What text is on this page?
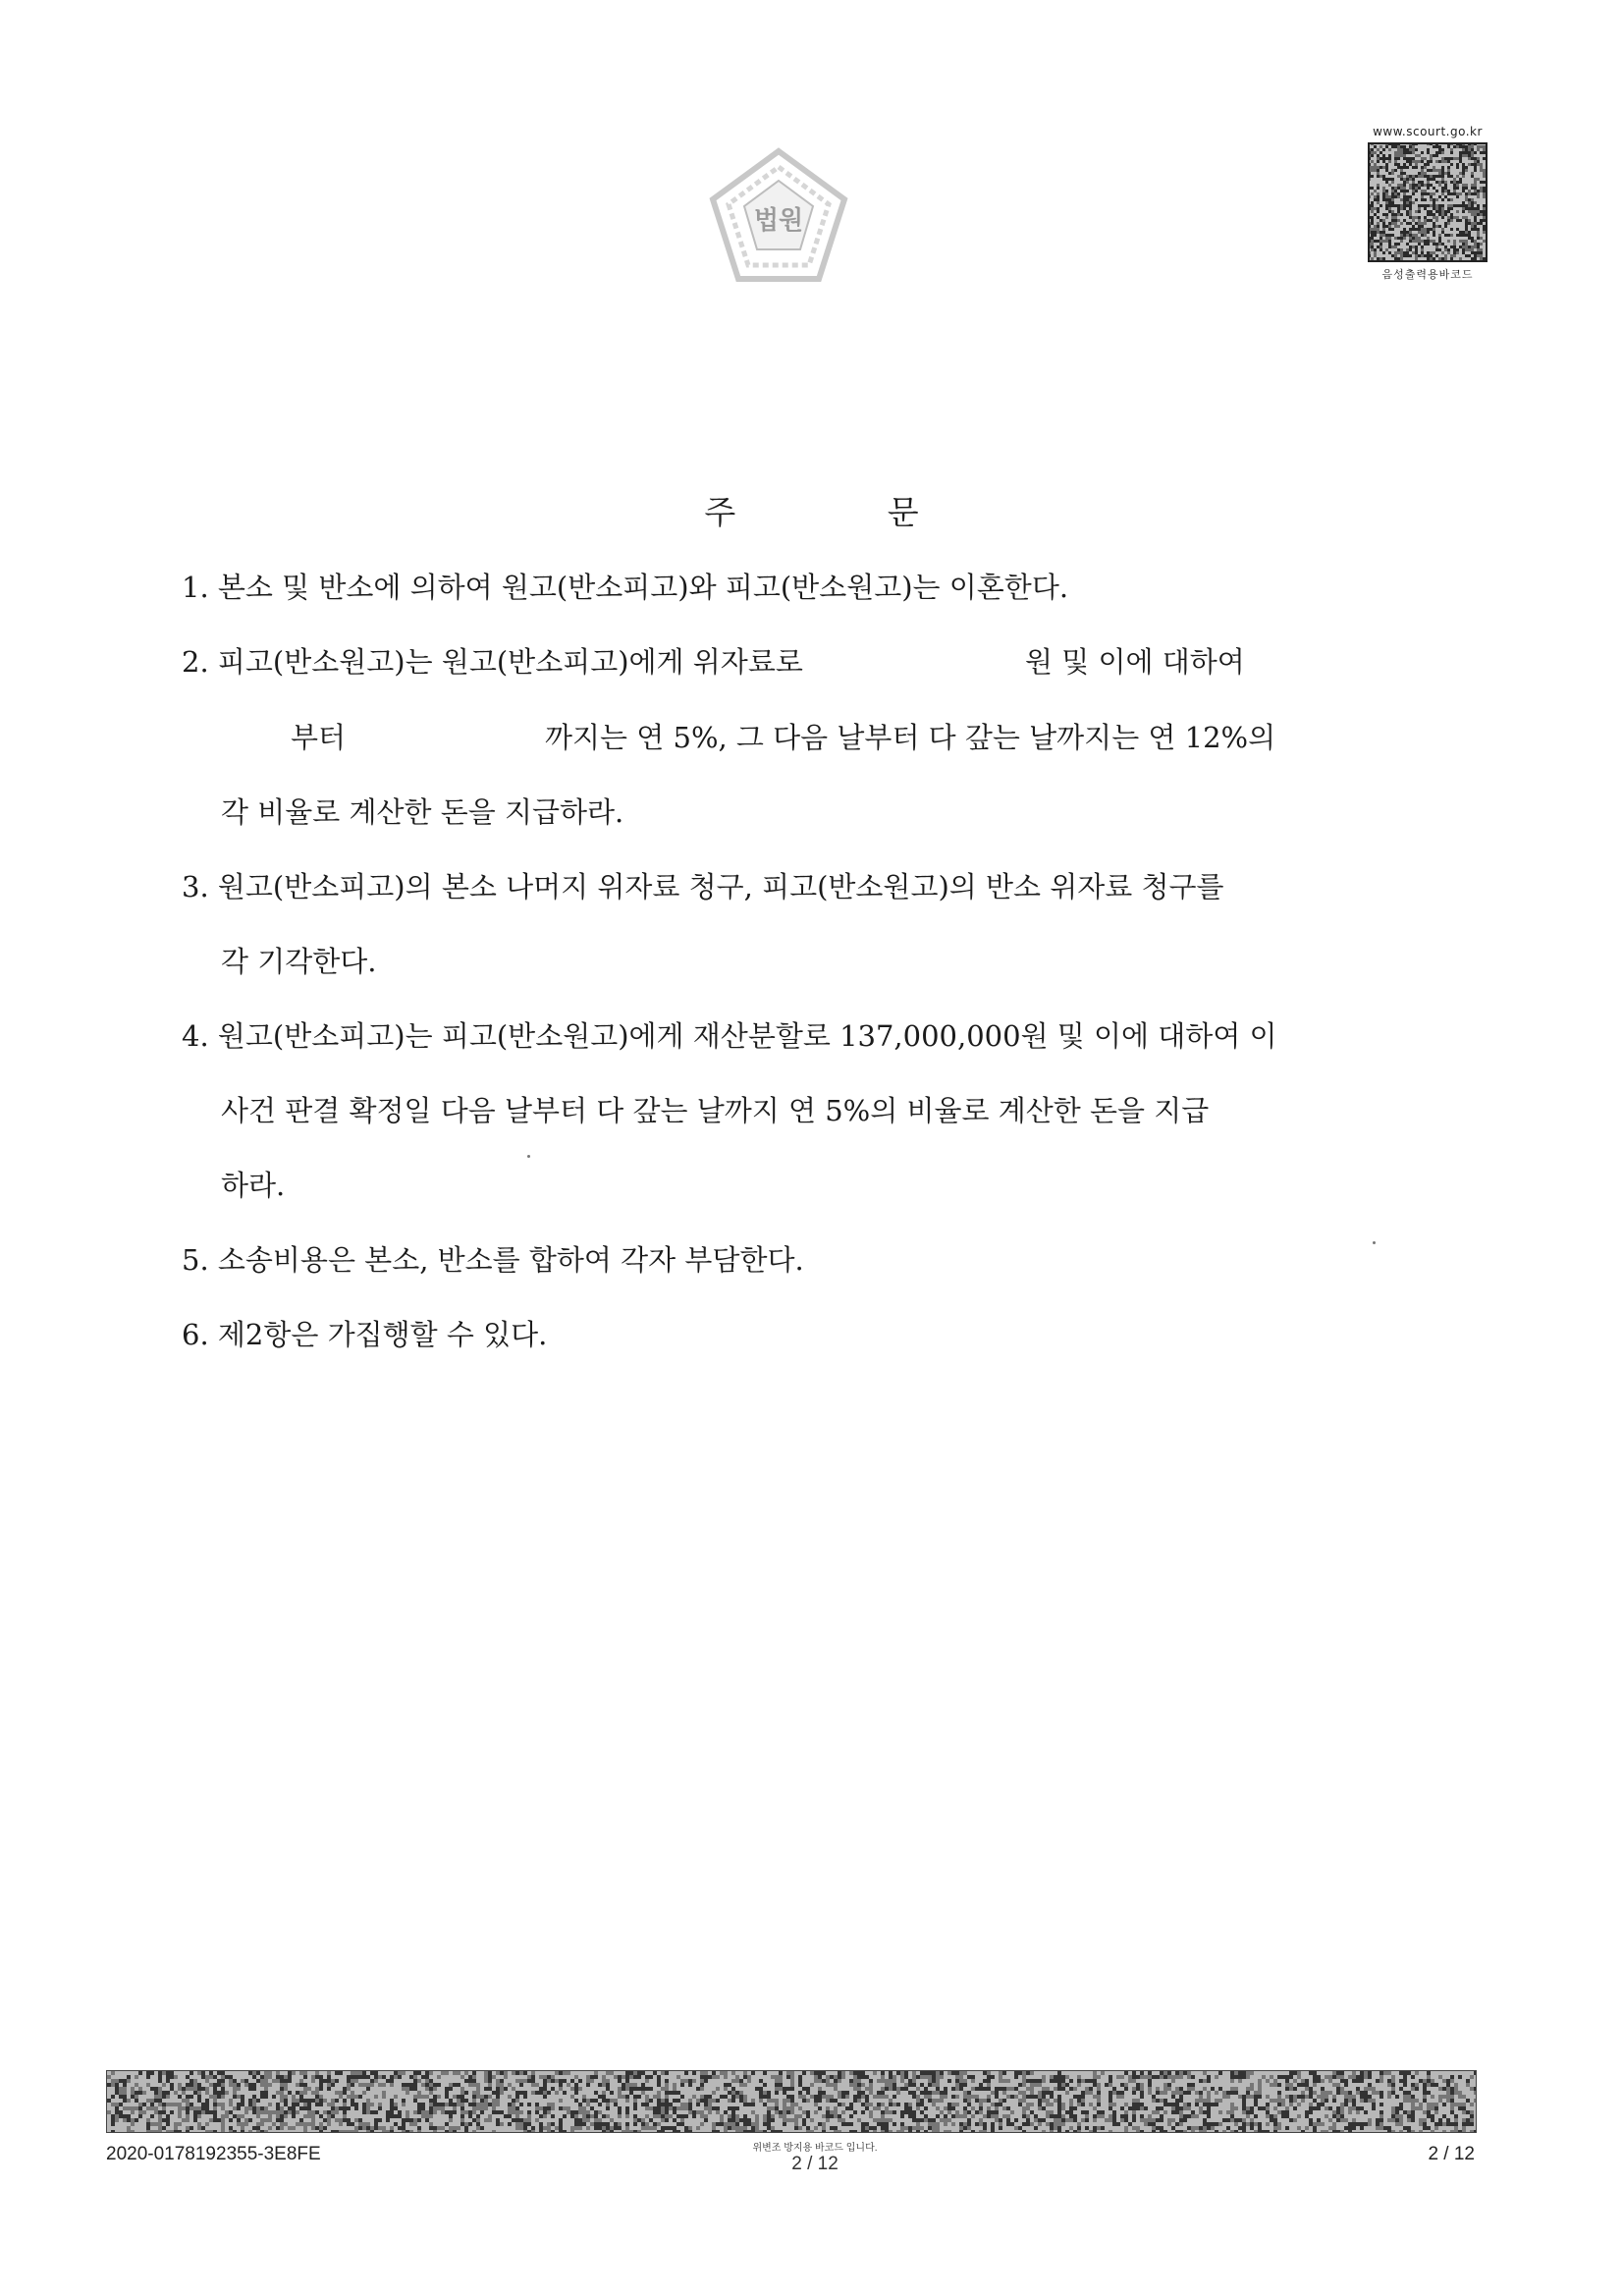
법원
www.scourt.go.kr
음성출력용바코드
주 문
1. 본소 및 반소에 의하여 원고(반소피고)와 피고(반소원고)는 이혼한다.
2. 피고(반소원고)는 원고(반소피고)에게 위자료로	원 및 이에 대하여
부터	까지는 연 5%, 그 다음 날부터 다 갚는 날까지는 연 12%의
각 비율로 계산한 돈을 지급하라.
3. 원고(반소피고)의 본소 나머지 위자료 청구, 피고(반소원고)의 반소 위자료 청구를
각 기각한다.
4. 원고(반소피고)는 피고(반소원고)에게 재산분할로 137,000,000원 및 이에 대하여 이
사건 판결 확정일 다음 날부터 다 갚는 날까지 연 5%의 비율로 계산한 돈을 지급
하라.
5. 소송비용은 본소, 반소를 합하여 각자 부담한다.
6. 제2항은 가집행할 수 있다.
2020-0178192355-3E8FE	위변조 방지용 바코드 입니다.
2 / 12	2 / 12
